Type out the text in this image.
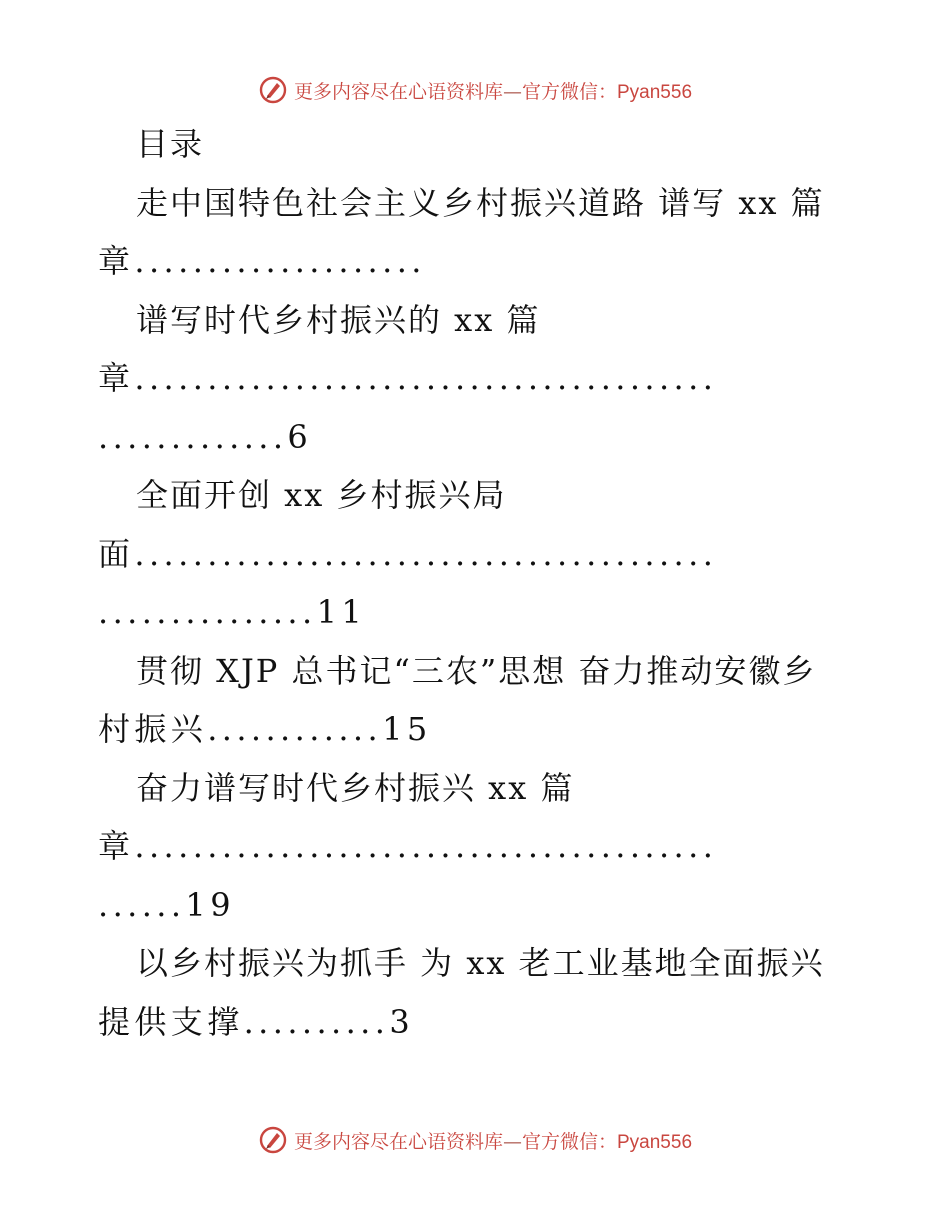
更多内容尽在心语资料库—官方微信：Pyan556
目录
走中国特色社会主义乡村振兴道路 谱写 xx 篇
章....................
谱写时代乡村振兴的 xx 篇
章........................................
.............6
全面开创 xx 乡村振兴局
面........................................
...............11
贯彻 XJP 总书记“三农”思想 奋力推动安徽乡
村振兴............15
奋力谱写时代乡村振兴 xx 篇
章........................................
......19
以乡村振兴为抓手 为 xx 老工业基地全面振兴
提供支撑..........3
更多内容尽在心语资料库—官方微信：Pyan556
